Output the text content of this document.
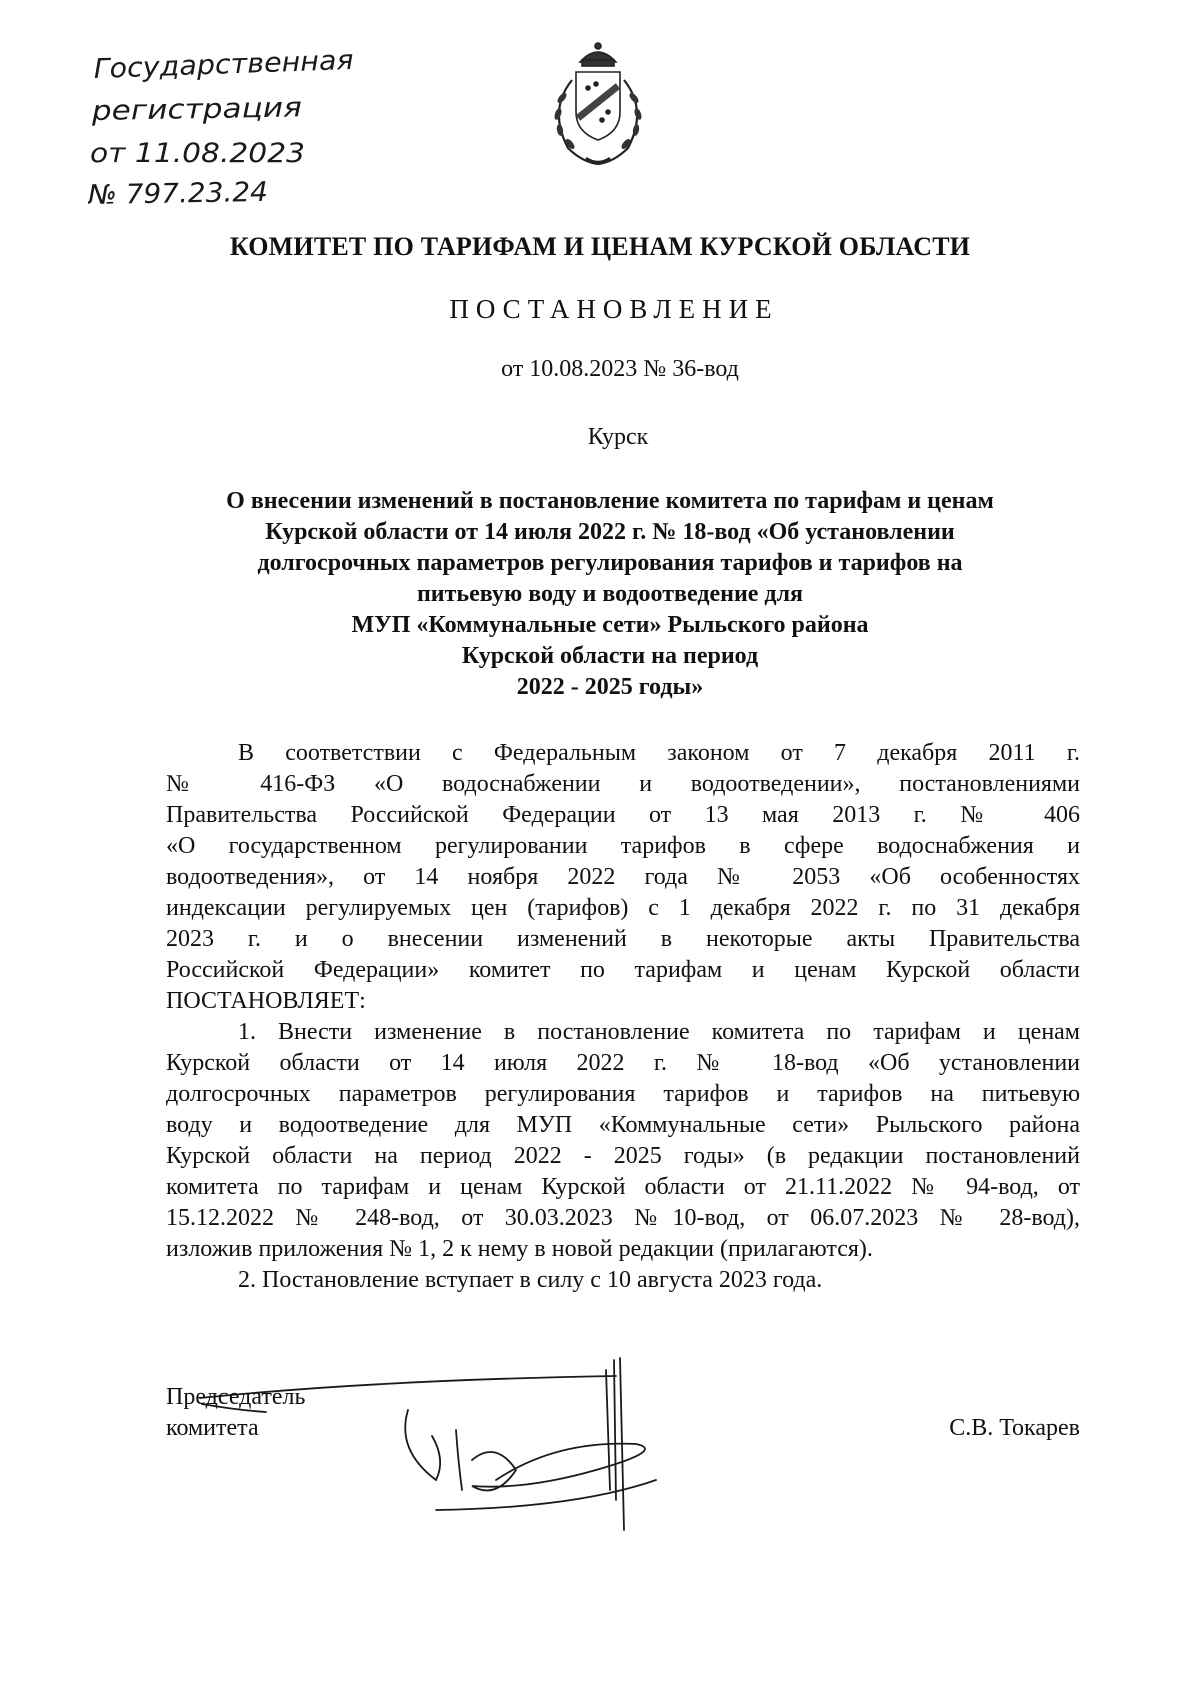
Государственная
регистрация
от 11.08.2023
№ 797.23.24
КОМИТЕТ ПО ТАРИФАМ И ЦЕНАМ КУРСКОЙ ОБЛАСТИ
ПОСТАНОВЛЕНИЕ
от 10.08.2023 № 36-вод
Курск
О внесении изменений в постановление комитета по тарифам и ценам
Курской области от 14 июля 2022 г. № 18-вод «Об установлении
долгосрочных параметров регулирования тарифов и тарифов на
питьевую воду и водоотведение для
МУП «Коммунальные сети» Рыльского района
Курской области на период
2022 - 2025 годы»
В соответствии с Федеральным законом от 7 декабря 2011 г.
№ 416-ФЗ «О водоснабжении и водоотведении», постановлениями
Правительства Российской Федерации от 13 мая 2013 г. № 406
«О государственном регулировании тарифов в сфере водоснабжения и
водоотведения», от 14 ноября 2022 года № 2053 «Об особенностях
индексации регулируемых цен (тарифов) с 1 декабря 2022 г. по 31 декабря
2023 г. и о внесении изменений в некоторые акты Правительства
Российской Федерации» комитет по тарифам и ценам Курской области
ПОСТАНОВЛЯЕТ:
1. Внести изменение в постановление комитета по тарифам и ценам
Курской области от 14 июля 2022 г. № 18-вод «Об установлении
долгосрочных параметров регулирования тарифов и тарифов на питьевую
воду и водоотведение для МУП «Коммунальные сети» Рыльского района
Курской области на период 2022 - 2025 годы» (в редакции постановлений
комитета по тарифам и ценам Курской области от 21.11.2022 № 94-вод, от
15.12.2022 № 248-вод, от 30.03.2023 №10-вод, от 06.07.2023 № 28-вод),
изложив приложения № 1, 2 к нему в новой редакции (прилагаются).
2. Постановление вступает в силу с 10 августа 2023 года.
Председатель
комитета	С.В. Токарев
